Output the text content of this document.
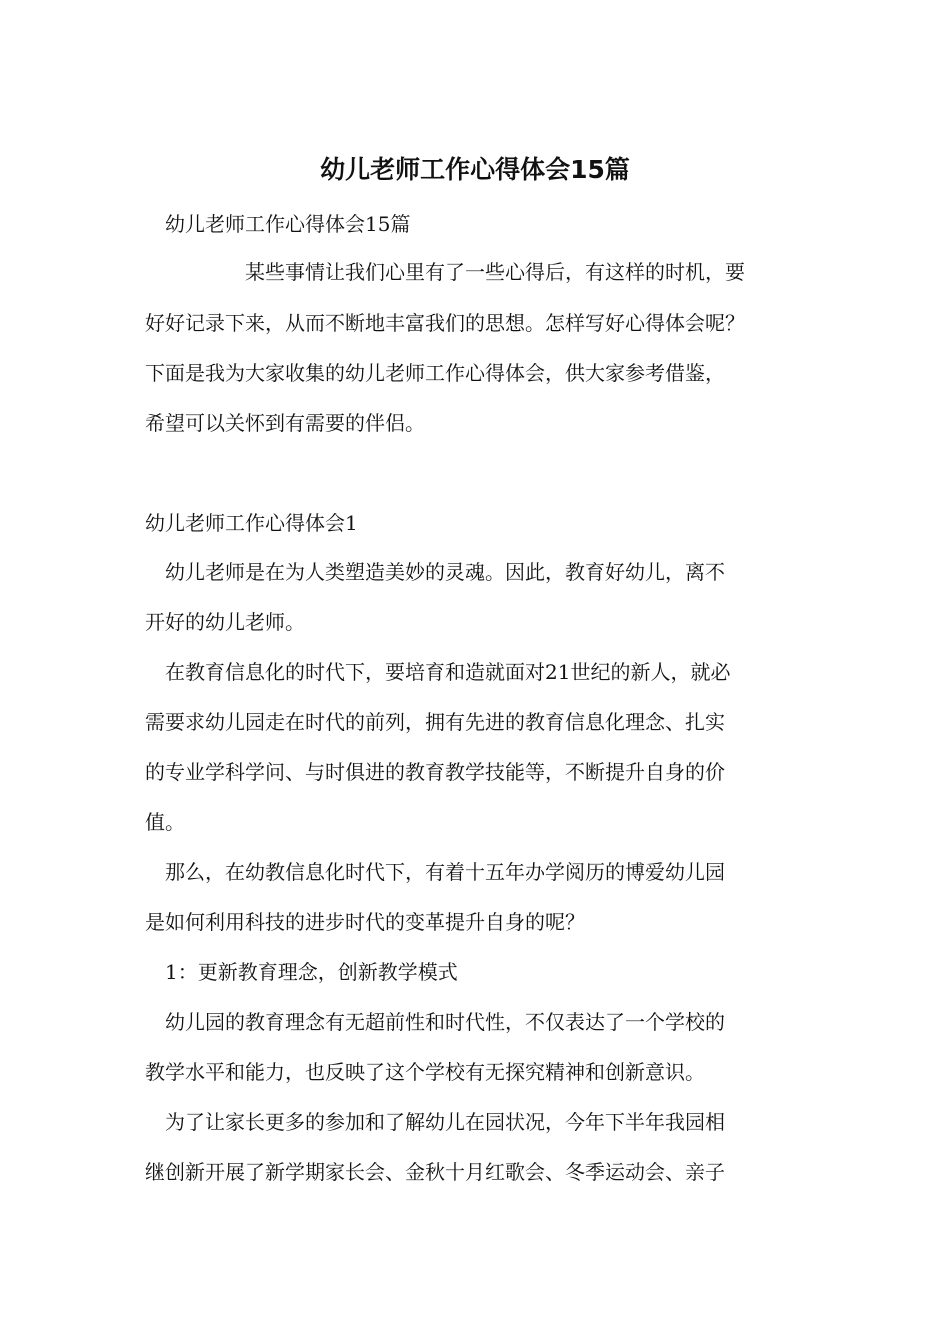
幼儿老师工作心得体会15篇
幼儿老师工作心得体会15篇
某些事情让我们心里有了一些心得后，有这样的时机，要
好好记录下来，从而不断地丰富我们的思想。怎样写好心得体会呢？
下面是我为大家收集的幼儿老师工作心得体会，供大家参考借鉴，
希望可以关怀到有需要的伴侣。
幼儿老师工作心得体会1
幼儿老师是在为人类塑造美妙的灵魂。因此，教育好幼儿，离不
开好的幼儿老师。
在教育信息化的时代下，要培育和造就面对21世纪的新人，就必
需要求幼儿园走在时代的前列，拥有先进的教育信息化理念、扎实
的专业学科学问、与时俱进的教育教学技能等，不断提升自身的价
值。
那么，在幼教信息化时代下，有着十五年办学阅历的博爱幼儿园
是如何利用科技的进步时代的变革提升自身的呢？
1：更新教育理念，创新教学模式
幼儿园的教育理念有无超前性和时代性，不仅表达了一个学校的
教学水平和能力，也反映了这个学校有无探究精神和创新意识。
为了让家长更多的参加和了解幼儿在园状况，今年下半年我园相
继创新开展了新学期家长会、金秋十月红歌会、冬季运动会、亲子
